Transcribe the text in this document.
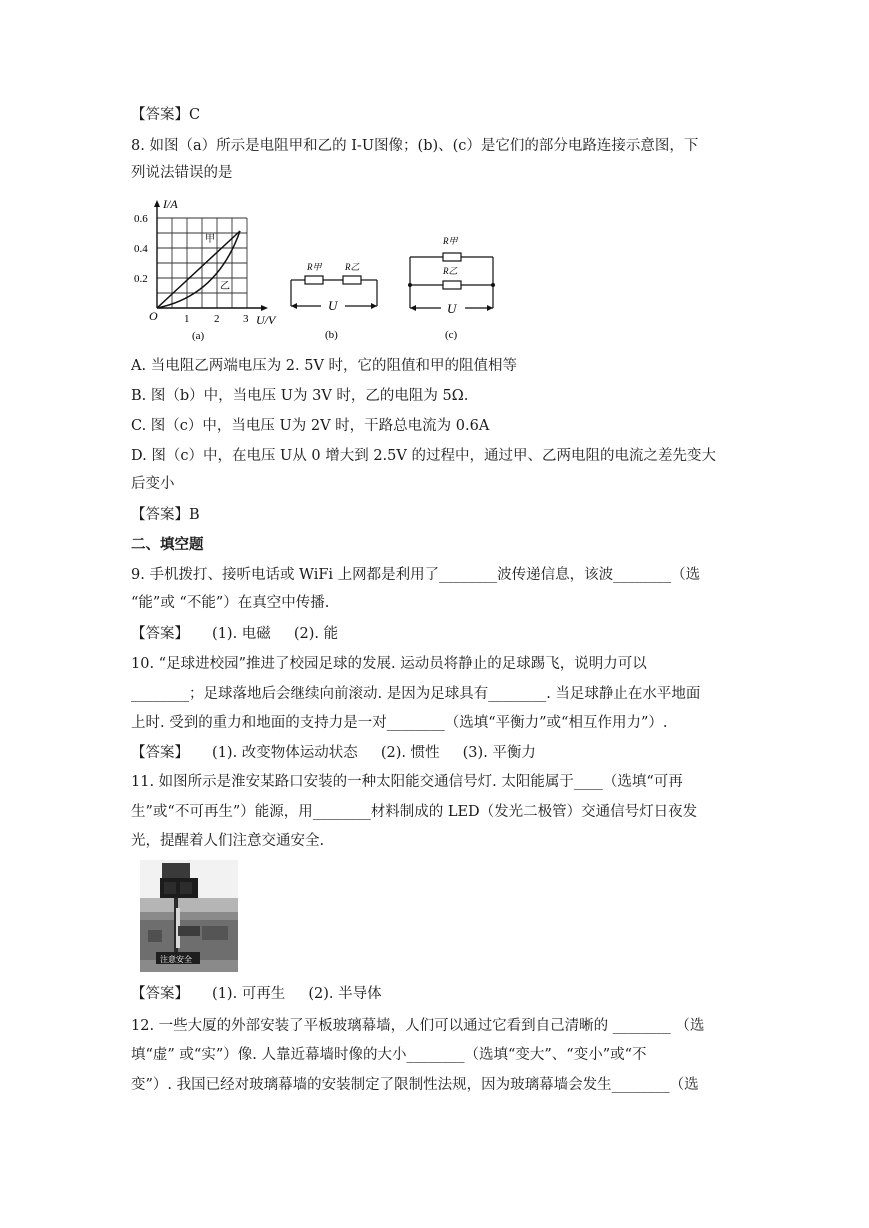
【答案】C
8. 如图（a）所示是电阻甲和乙的 I-U图像；(b)、(c）是它们的部分电路连接示意图，下
列说法错误的是
I/A
U/V
O
0.6
0.4
0.2
1 2 3
甲
乙
(a)
R甲	R乙
U
(b)
R甲
R乙
U
(c)
A. 当电阻乙两端电压为 2. 5V 时，它的阻值和甲的阻值相等
B. 图（b）中，当电压 U为 3V 时，乙的电阻为 5Ω.
C. 图（c）中，当电压 U为 2V 时，干路总电流为 0.6A
D. 图（c）中，在电压 U从 0 增大到 2.5V 的过程中，通过甲、乙两电阻的电流之差先变大
后变小
【答案】B
二、填空题
9. 手机拨打、接听电话或 WiFi 上网都是利用了________波传递信息，该波________（选
“能”或 “不能”）在真空中传播.
【答案】     (1). 电磁     (2). 能
10. “足球进校园”推进了校园足球的发展. 运动员将静止的足球踢飞，说明力可以
________；足球落地后会继续向前滚动. 是因为足球具有________. 当足球静止在水平地面
上时. 受到的重力和地面的支持力是一对________（选填“平衡力”或“相互作用力”）.
【答案】     (1). 改变物体运动状态     (2). 惯性     (3). 平衡力
11. 如图所示是淮安某路口安装的一种太阳能交通信号灯. 太阳能属于____（选填“可再
生”或“不可再生”）能源，用________材料制成的 LED（发光二极管）交通信号灯日夜发
光，提醒着人们注意交通安全.
注意安全
【答案】     (1). 可再生     (2). 半导体
12. 一些大厦的外部安装了平板玻璃幕墙，人们可以通过它看到自己清晰的 ________ （选
填“虚” 或“实”）像. 人靠近幕墙时像的大小________（选填“变大”、“变小”或“不
变”）. 我国已经对玻璃幕墙的安装制定了限制性法规，因为玻璃幕墙会发生________（选
